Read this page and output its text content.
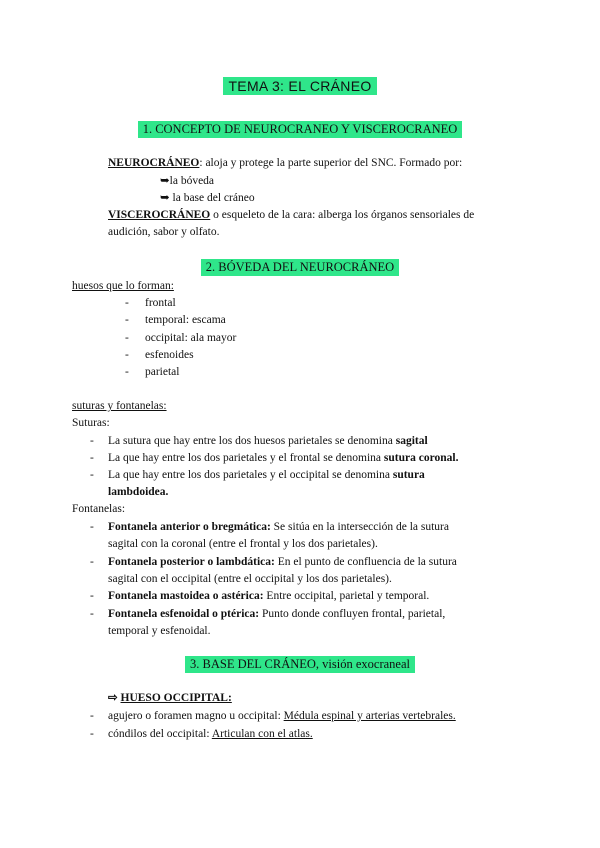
TEMA 3: EL CRÁNEO
1. CONCEPTO DE NEUROCRANEO Y VISCEROCRANEO
NEUROCRÁNEO: aloja y protege la parte superior del SNC. Formado por:
➥la bóveda
➥ la base del cráneo
VISCEROCRÁNEO o esqueleto de la cara: alberga los órganos sensoriales de
audición, sabor y olfato.
2. BÓVEDA DEL NEUROCRÁNEO
huesos que lo forman:
- frontal
- temporal: escama
- occipital: ala mayor
- esfenoides
- parietal
suturas y fontanelas:
Suturas:
- La sutura que hay entre los dos huesos parietales se denomina sagital
- La que hay entre los dos parietales y el frontal se denomina sutura coronal.
- La que hay entre los dos parietales y el occipital se denomina sutura
lambdoidea.
Fontanelas:
- Fontanela anterior o bregmática: Se sitúa en la intersección de la sutura
sagital con la coronal (entre el frontal y los dos parietales).
- Fontanela posterior o lambdática: En el punto de confluencia de la sutura
sagital con el occipital (entre el occipital y los dos parietales).
- Fontanela mastoidea o astérica: Entre occipital, parietal y temporal.
- Fontanela esfenoidal o ptérica: Punto donde confluyen frontal, parietal,
temporal y esfenoidal.
3. BASE DEL CRÁNEO, visión exocraneal
⇨ HUESO OCCIPITAL:
- agujero o foramen magno u occipital: Médula espinal y arterias vertebrales.
- cóndilos del occipital: Articulan con el atlas.
